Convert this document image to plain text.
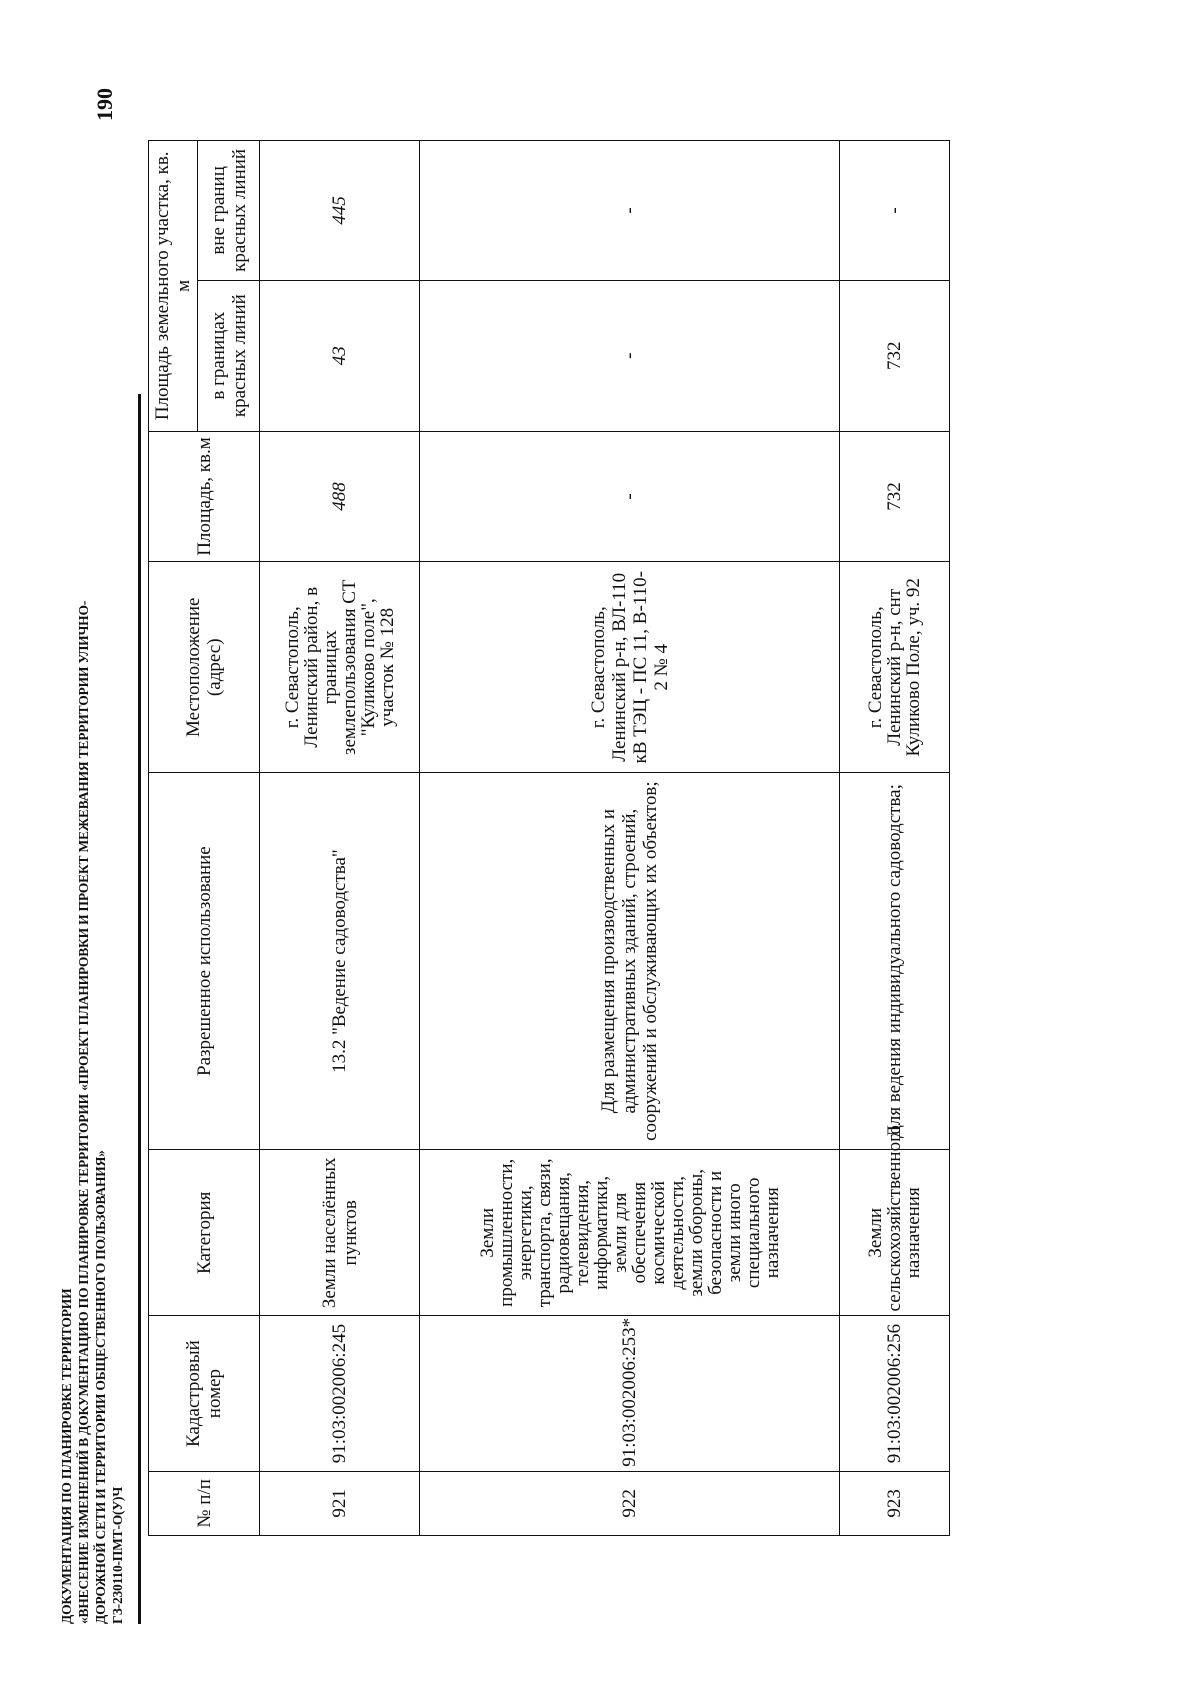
ДОКУМЕНТАЦИЯ ПО ПЛАНИРОВКЕ ТЕРРИТОРИИ «ВНЕСЕНИЕ ИЗМЕНЕНИЙ В ДОКУМЕНТАЦИЮ ПО ПЛАНИРОВКЕ ТЕРРИТОРИИ «ПРОЕКТ ПЛАНИРОВКИ И ПРОЕКТ МЕЖЕВАНИЯ ТЕРРИТОРИИ УЛИЧНО- ДОРОЖНОЙ СЕТИ И ТЕРРИТОРИИ ОБЩЕСТВЕННОГО ПОЛЬЗОВАНИЯ» ГЗ-230110-ПМТ-О(У)Ч
190
№ п/п	Кадастровый номер	Категория	Разрешенное использование	Местоположение (адрес)	Площадь, кв.м	Площадь земельного участка, кв. м	
						в границах красных линий	вне границ красных линий
921	91:03:002006:245	Земли населённых пунктов	13.2 "Ведение садоводства"	г. Севастополь, Ленинский район, в границах землепользования СТ "Куликово поле", участок № 128	488	43	445
922	91:03:002006:253*	Земли промышленности, энергетики, транспорта, связи, радиовещания, телевидения, информатики, земли для обеспечения космической деятельности, земли обороны, безопасности и земли иного специального назначения	Для размещения производственных и административных зданий, строений, сооружений и обслуживающих их объектов;	г. Севастополь, Ленинский р-н, ВЛ-110 кВ ТЭЦ - ПС 11, В-110-2 № 4	-	-	-
923	91:03:002006:256	Земли сельскохозяйственного назначения	Для ведения индивидуального садоводства;	г. Севастополь, Ленинский р-н, снт Куликово Поле, уч. 92	732	732	-
